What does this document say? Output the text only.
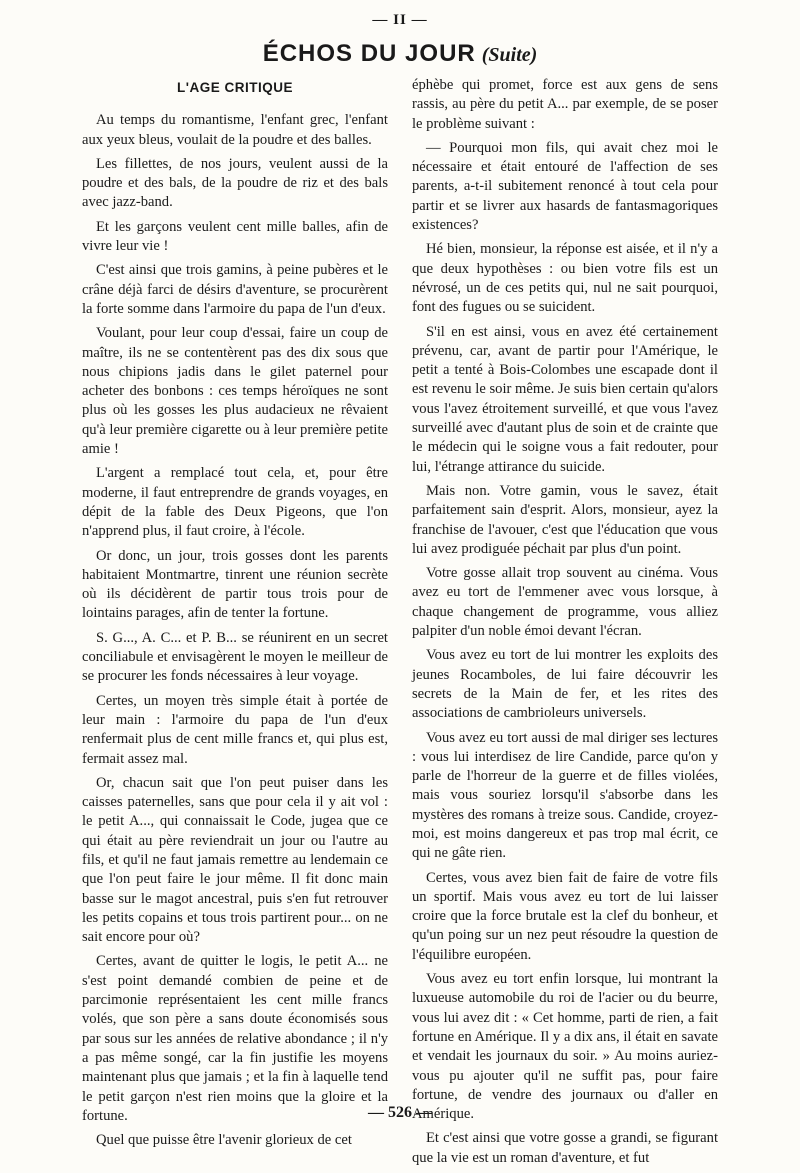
— II —
ÉCHOS DU JOUR (Suite)
L'AGE CRITIQUE

Au temps du romantisme, l'enfant grec, l'enfant aux yeux bleus, voulait de la poudre et des balles.

Les fillettes, de nos jours, veulent aussi de la poudre et des bals, de la poudre de riz et des bals avec jazz-band.

Et les garçons veulent cent mille balles, afin de vivre leur vie !

C'est ainsi que trois gamins, à peine pubères et le crâne déjà farci de désirs d'aventure, se procurèrent la forte somme dans l'armoire du papa de l'un d'eux.

Voulant, pour leur coup d'essai, faire un coup de maître, ils ne se contentèrent pas des dix sous que nous chipions jadis dans le gilet paternel pour acheter des bonbons : ces temps héroïques ne sont plus où les gosses les plus audacieux ne rêvaient qu'à leur première cigarette ou à leur première petite amie !

L'argent a remplacé tout cela, et, pour être moderne, il faut entreprendre de grands voyages, en dépit de la fable des Deux Pigeons, que l'on n'apprend plus, il faut croire, à l'école.

Or donc, un jour, trois gosses dont les parents habitaient Montmartre, tinrent une réunion secrète où ils décidèrent de partir tous trois pour de lointains parages, afin de tenter la fortune.

S. G..., A. C... et P. B... se réunirent en un secret conciliabule et envisagèrent le moyen le meilleur de se procurer les fonds nécessaires à leur voyage.

Certes, un moyen très simple était à portée de leur main : l'armoire du papa de l'un d'eux renfermait plus de cent mille francs et, qui plus est, fermait assez mal.

Or, chacun sait que l'on peut puiser dans les caisses paternelles, sans que pour cela il y ait vol : le petit A..., qui connaissait le Code, jugea que ce qui était au père reviendrait un jour ou l'autre au fils, et qu'il ne faut jamais remettre au lendemain ce que l'on peut faire le jour même. Il fit donc main basse sur le magot ancestral, puis s'en fut retrouver les petits copains et tous trois partirent pour... on ne sait encore pour où?

Certes, avant de quitter le logis, le petit A... ne s'est point demandé combien de peine et de parcimonie représentaient les cent mille francs volés, que son père a sans doute économisés sous par sous sur les années de relative abondance ; il n'y a pas même songé, car la fin justifie les moyens maintenant plus que jamais ; et la fin à laquelle tend le petit garçon n'est rien moins que la gloire et la fortune.

Quel que puisse être l'avenir glorieux de cet

éphèbe qui promet, force est aux gens de sens rassis, au père du petit A... par exemple, de se poser le problème suivant :

— Pourquoi mon fils, qui avait chez moi le nécessaire et était entouré de l'affection de ses parents, a-t-il subitement renoncé à tout cela pour partir et se livrer aux hasards de fantasmagoriques existences?

Hé bien, monsieur, la réponse est aisée, et il n'y a que deux hypothèses : ou bien votre fils est un névrosé, un de ces petits qui, nul ne sait pourquoi, font des fugues ou se suicident.

S'il en est ainsi, vous en avez été certainement prévenu, car, avant de partir pour l'Amérique, le petit a tenté à Bois-Colombes une escapade dont il est revenu le soir même. Je suis bien certain qu'alors vous l'avez étroitement surveillé, et que vous l'avez surveillé avec d'autant plus de soin et de crainte que le médecin qui le soigne vous a fait redouter, pour lui, l'étrange attirance du suicide.

Mais non. Votre gamin, vous le savez, était parfaitement sain d'esprit. Alors, monsieur, ayez la franchise de l'avouer, c'est que l'éducation que vous lui avez prodiguée péchait par plus d'un point.

Votre gosse allait trop souvent au cinéma. Vous avez eu tort de l'emmener avec vous lorsque, à chaque changement de programme, vous alliez palpiter d'un noble émoi devant l'écran.

Vous avez eu tort de lui montrer les exploits des jeunes Rocamboles, de lui faire découvrir les secrets de la Main de fer, et les rites des associations de cambrioleurs universels.

Vous avez eu tort aussi de mal diriger ses lectures : vous lui interdisez de lire Candide, parce qu'on y parle de l'horreur de la guerre et de filles violées, mais vous souriez lorsqu'il s'absorbe dans les mystères des romans à treize sous. Candide, croyez-moi, est moins dangereux et pas trop mal écrit, ce qui ne gâte rien.

Certes, vous avez bien fait de faire de votre fils un sportif. Mais vous avez eu tort de lui laisser croire que la force brutale est la clef du bonheur, et qu'un poing sur un nez peut résoudre la question de l'équilibre européen.

Vous avez eu tort enfin lorsque, lui montrant la luxueuse automobile du roi de l'acier ou du beurre, vous lui avez dit : « Cet homme, parti de rien, a fait fortune en Amérique. Il y a dix ans, il était en savate et vendait les journaux du soir. » Au moins auriez-vous pu ajouter qu'il ne suffit pas, pour faire fortune, de vendre des journaux ou d'aller en Amérique.

Et c'est ainsi que votre gosse a grandi, se figurant que la vie est un roman d'aventure, et fut

— 526 —
